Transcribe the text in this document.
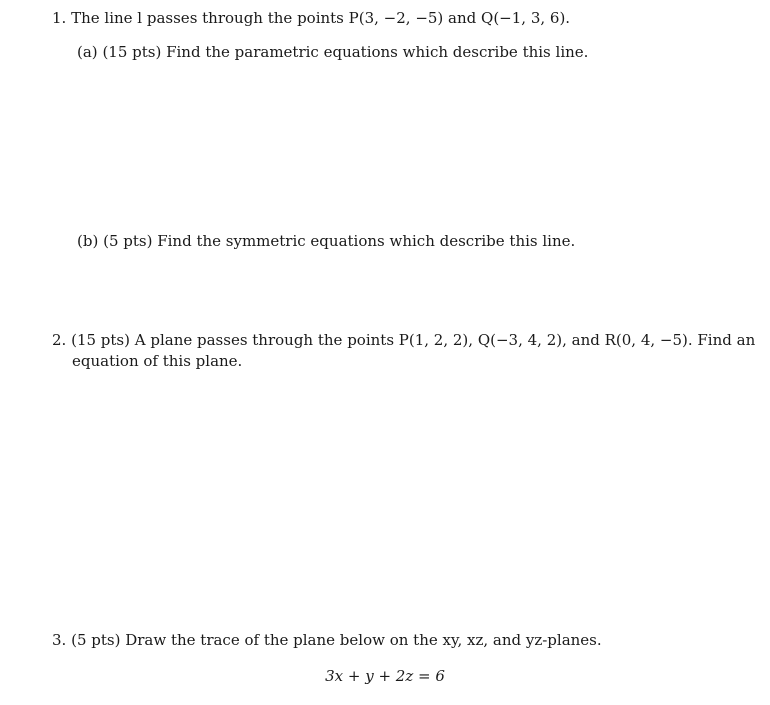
1. The line l passes through the points P(3, −2, −5) and Q(−1, 3, 6).
(a) (15 pts) Find the parametric equations which describe this line.
(b) (5 pts) Find the symmetric equations which describe this line.
2. (15 pts) A plane passes through the points P(1, 2, 2), Q(−3, 4, 2), and R(0, 4, −5). Find an
equation of this plane.
3. (5 pts) Draw the trace of the plane below on the xy, xz, and yz-planes.
3x + y + 2z = 6
